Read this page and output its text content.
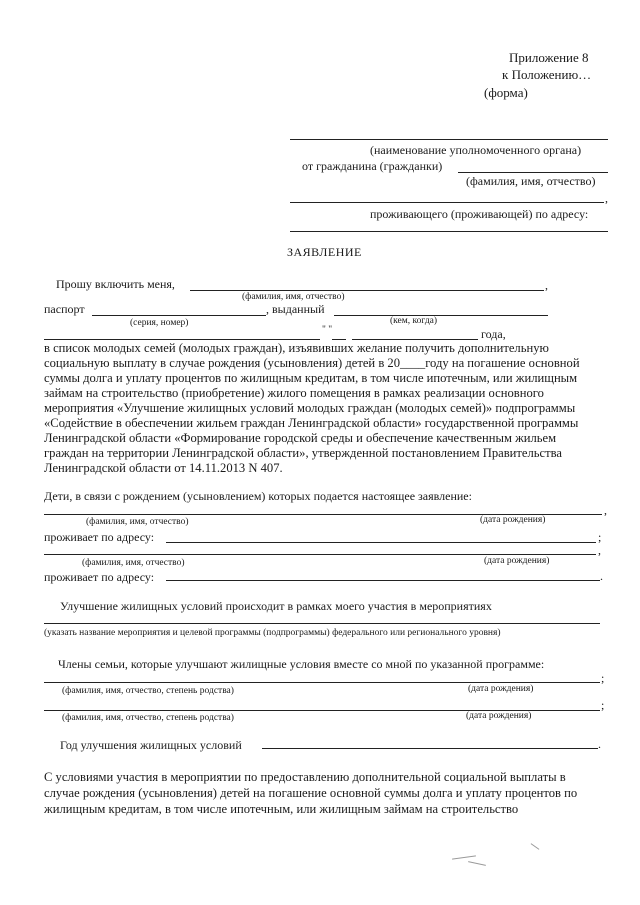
Приложение 8
к Положению…
(форма)
(наименование уполномоченного органа)
от гражданина (гражданки)
(фамилия, имя, отчество)
,
проживающего (проживающей) по адресу:
ЗАЯВЛЕНИЕ
Прошу включить меня,	,
(фамилия, имя, отчество)
паспорт	, выданный
(серия, номер)	(кем, когда)
" "	года,
в список молодых семей (молодых граждан), изъявивших желание получить дополнительную
социальную выплату в случае рождения (усыновления) детей в 20____году на погашение основной
суммы долга и уплату процентов по жилищным кредитам, в том числе ипотечным, или жилищным
займам на строительство (приобретение) жилого помещения в рамках реализации основного
мероприятия «Улучшение жилищных условий молодых граждан (молодых семей)» подпрограммы
«Содействие в обеспечении жильем граждан Ленинградской области» государственной программы
Ленинградской области «Формирование городской среды и обеспечение качественным жильем
граждан на территории Ленинградской области», утвержденной постановлением Правительства
Ленинградской области от 14.11.2013 N 407.
Дети, в связи с рождением (усыновлением) которых подается настоящее заявление:
,
(фамилия, имя, отчество)	(дата рождения)
проживает по адресу:	;
,
(фамилия, имя, отчество)	(дата рождения)
проживает по адресу:	.
Улучшение жилищных условий происходит в рамках моего участия в мероприятиях
(указать название мероприятия и целевой программы (подпрограммы) федерального или регионального уровня)
Члены семьи, которые улучшают жилищные условия вместе со мной по указанной программе:
;
(фамилия, имя, отчество, степень родства)	(дата рождения)
;
(фамилия, имя, отчество, степень родства)	(дата рождения)
Год улучшения жилищных условий	.
С условиями участия в мероприятии по предоставлению дополнительной социальной выплаты в
случае рождения (усыновления) детей на погашение основной суммы долга и уплату процентов по
жилищным кредитам, в том числе ипотечным, или жилищным займам на строительство
